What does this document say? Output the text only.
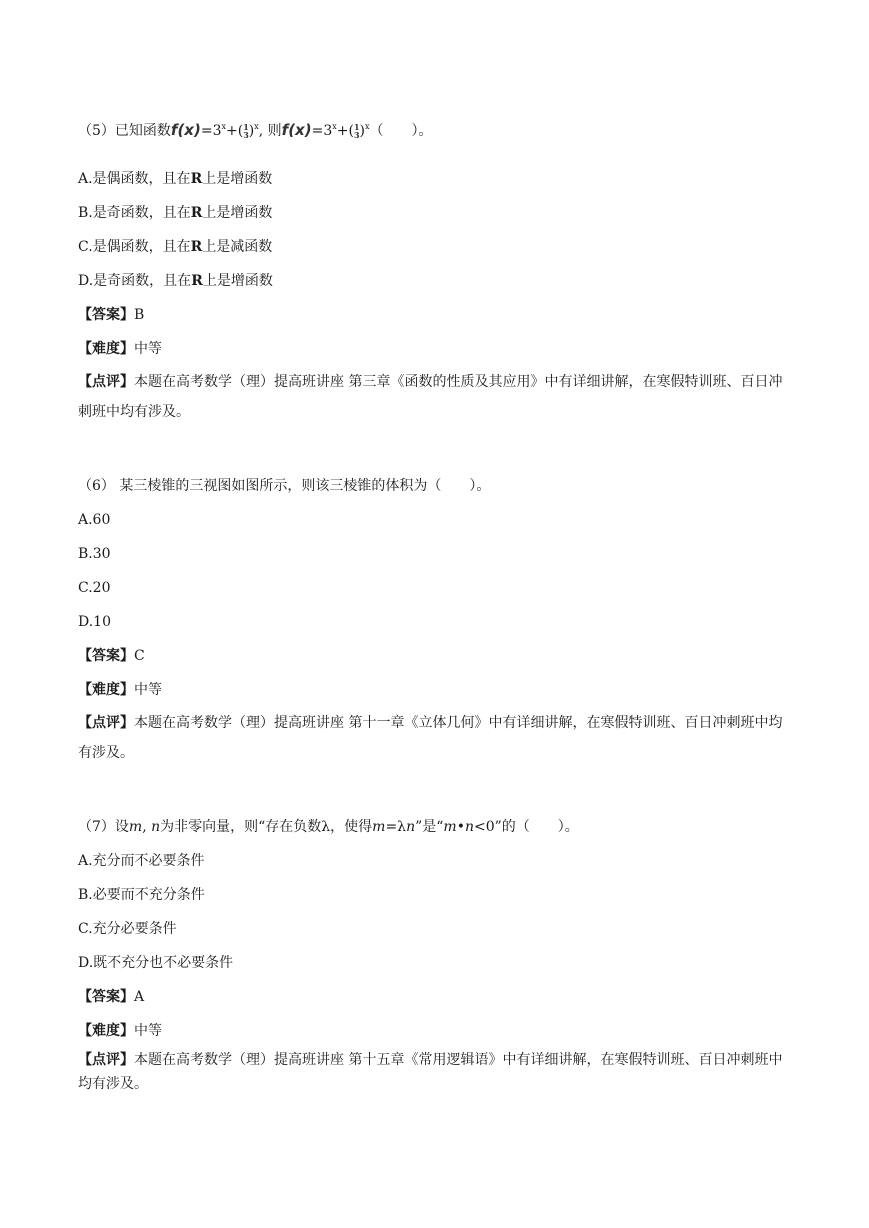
（5）已知函数$f(x)=3^x+(1$
3)$^x$, 则$f(x)=3^x+(1$
3)$^x$（　　）。
A.是偶函数，且在R上是增函数
B.是奇函数，且在R上是增函数
C.是偶函数，且在R上是减函数
D.是奇函数，且在R上是增函数
【答案】B
【难度】中等
【点评】本题在高考数学（理）提高班讲座 第三章《函数的性质及其应用》中有详细讲解，在寒假特训班、百日冲刺班中均有涉及。
（6） 某三棱锥的三视图如图所示，则该三棱锥的体积为（　　）。
A.60
B.30
C.20
D.10
【答案】C
【难度】中等
【点评】本题在高考数学（理）提高班讲座 第十一章《立体几何》中有详细讲解，在寒假特训班、百日冲刺班中均有涉及。
（7）设m, n为非零向量，则“存在负数λ，使得m=λn”是“m•n<0”的（　　）。
A.充分而不必要条件
B.必要而不充分条件
C.充分必要条件
D.既不充分也不必要条件
【答案】A
【难度】中等
【点评】本题在高考数学（理）提高班讲座 第十五章《常用逻辑语》中有详细讲解，在寒假特训班、百日冲刺班中均有涉及。
